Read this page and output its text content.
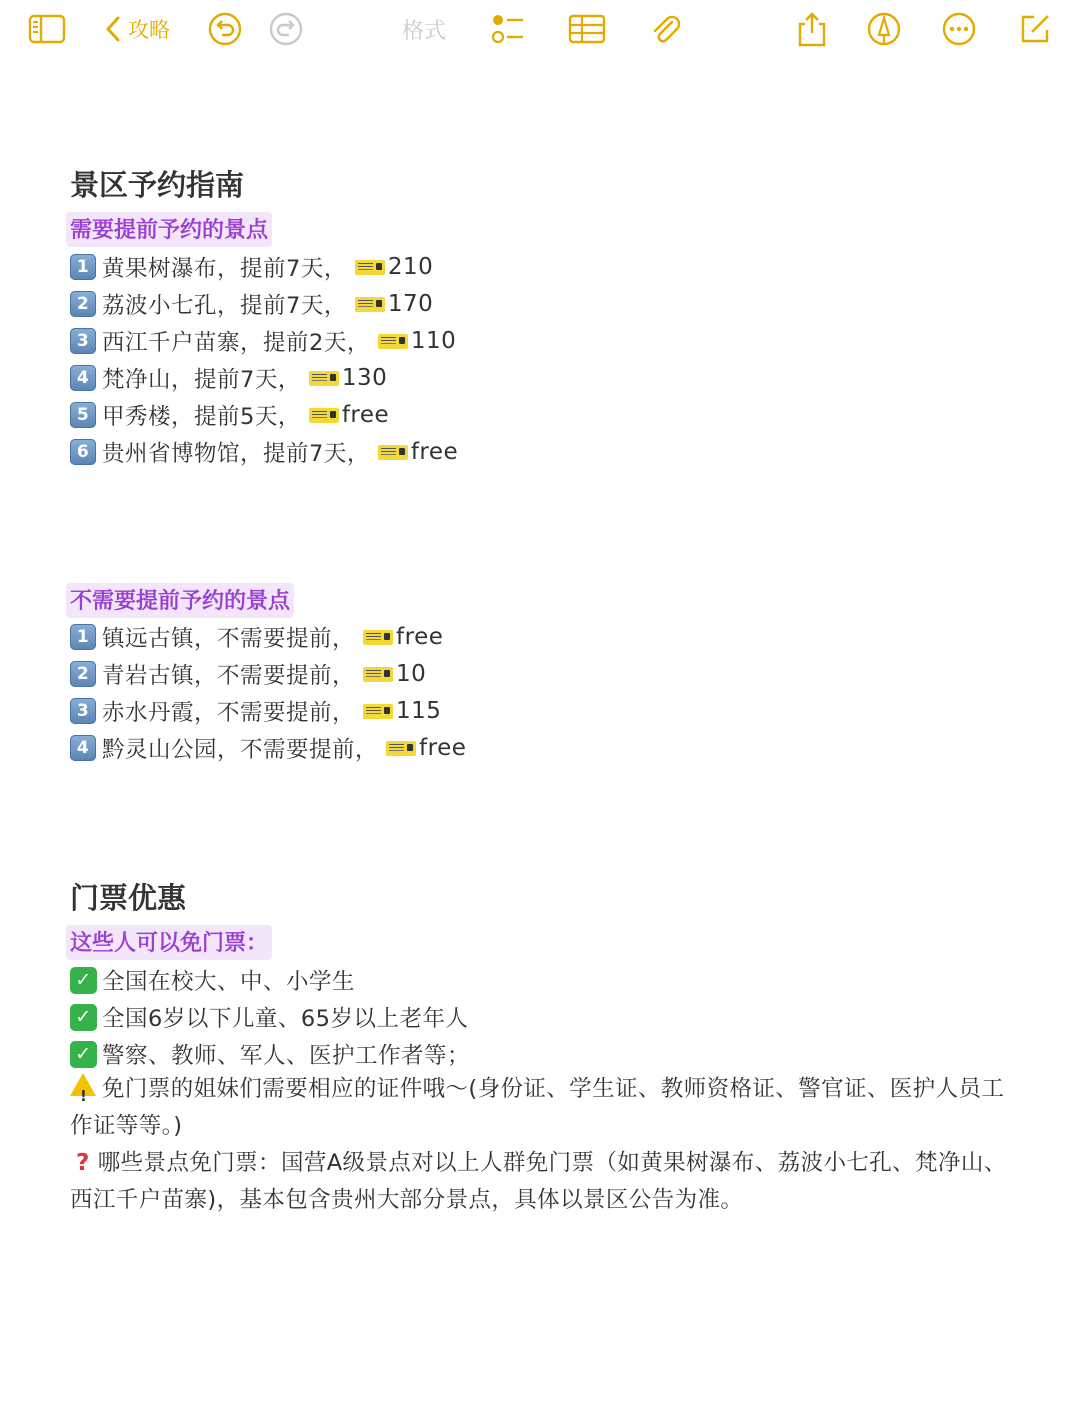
攻略	格式
景区予约指南
需要提前予约的景点
1 黄果树瀑布，提前7天， 210
2 荔波小七孔，提前7天， 170
3 西江千户苗寨，提前2天， 110
4 梵净山，提前7天， 130
5 甲秀楼，提前5天， free
6 贵州省博物馆，提前7天， free
不需要提前予约的景点
1 镇远古镇，不需要提前， free
2 青岩古镇，不需要提前， 10
3 赤水丹霞，不需要提前， 115
4 黔灵山公园，不需要提前， free
门票优惠
这些人可以免门票：
✓ 全国在校大、中、小学生
✓ 全国6岁以下儿童、65岁以上老年人
✓ 警察、教师、军人、医护工作者等；
! 免门票的姐妹们需要相应的证件哦～(身份证、学生证、教师资格证、警官证、医护人员工作证等等。)
? 哪些景点免门票：国营A级景点对以上人群免门票（如黄果树瀑布、荔波小七孔、梵净山、西江千户苗寨)，基本包含贵州大部分景点，具体以景区公告为准。
